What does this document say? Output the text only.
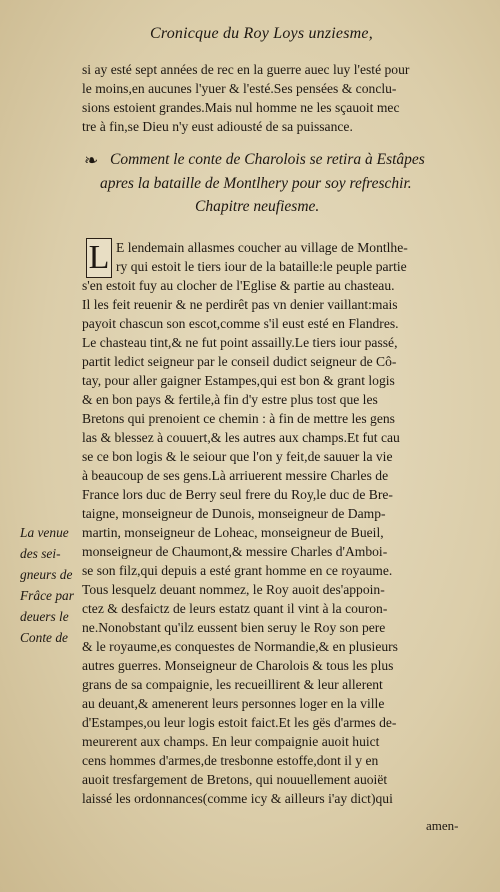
Cronicque du Roy Loys unziesme,
si ay esté sept années de rec en la guerre auec luy l'esté pour
le moins,en aucunes l'yuer & l'esté.Ses pensées & conclu-
sions estoient grandes.Mais nul homme ne les sçauoit mec
tre à fin,se Dieu n'y eust adiousté de sa puissance.
❧ Comment le conte de Charolois se retira à Estâpes
apres la bataille de Montlhery pour soy refreschir.
Chapitre neufiesme.
L E lendemain allasmes coucher au village de Montlhe-
ry qui estoit le tiers iour de la bataille:le peuple partie
s'en estoit fuy au clocher de l'Eglise & partie au chasteau.
Il les feit reuenir & ne perdirêt pas vn denier vaillant:mais
payoit chascun son escot,comme s'il eust esté en Flandres.
Le chasteau tint,& ne fut point assailly.Le tiers iour passé,
partit ledict seigneur par le conseil dudict seigneur de Cô-
tay, pour aller gaigner Estampes,qui est bon & grant logis
& en bon pays & fertile,à fin d'y estre plus tost que les
Bretons qui prenoient ce chemin : à fin de mettre les gens
las & blessez à couuert,& les autres aux champs.Et fut cau
se ce bon logis & le seiour que l'on y feit,de sauuer la vie
à beaucoup de ses gens.Là arriuerent messire Charles de
France lors duc de Berry seul frere du Roy,le duc de Bre-
taigne, monseigneur de Dunois, monseigneur de Damp-
martin, monseigneur de Loheac, monseigneur de Bueil,
monseigneur de Chaumont,& messire Charles d'Amboi-
se son filz,qui depuis a esté grant homme en ce royaume.
Tous lesquelz deuant nommez, le Roy auoit des'appoin-
ctez & desfaictz de leurs estatz quant il vint à la couron-
ne.Nonobstant qu'ilz eussent bien seruy le Roy son pere
& le royaume,es conquestes de Normandie,& en plusieurs
autres guerres. Monseigneur de Charolois & tous les plus
grans de sa compaignie, les recueillirent & leur allerent
au deuant,& amenerent leurs personnes loger en la ville
d'Estampes,ou leur logis estoit faict.Et les gës d'armes de-
meurerent aux champs. En leur compaignie auoit huict
cens hommes d'armes,de tresbonne estoffe,dont il y en
auoit tresfargement de Bretons, qui nouuellement auoiët
laissé les ordonnances(comme icy & ailleurs i'ay dict)qui
La venue
des sei-
gneurs de
Frâce par
deuers le
Conte de
amen-
